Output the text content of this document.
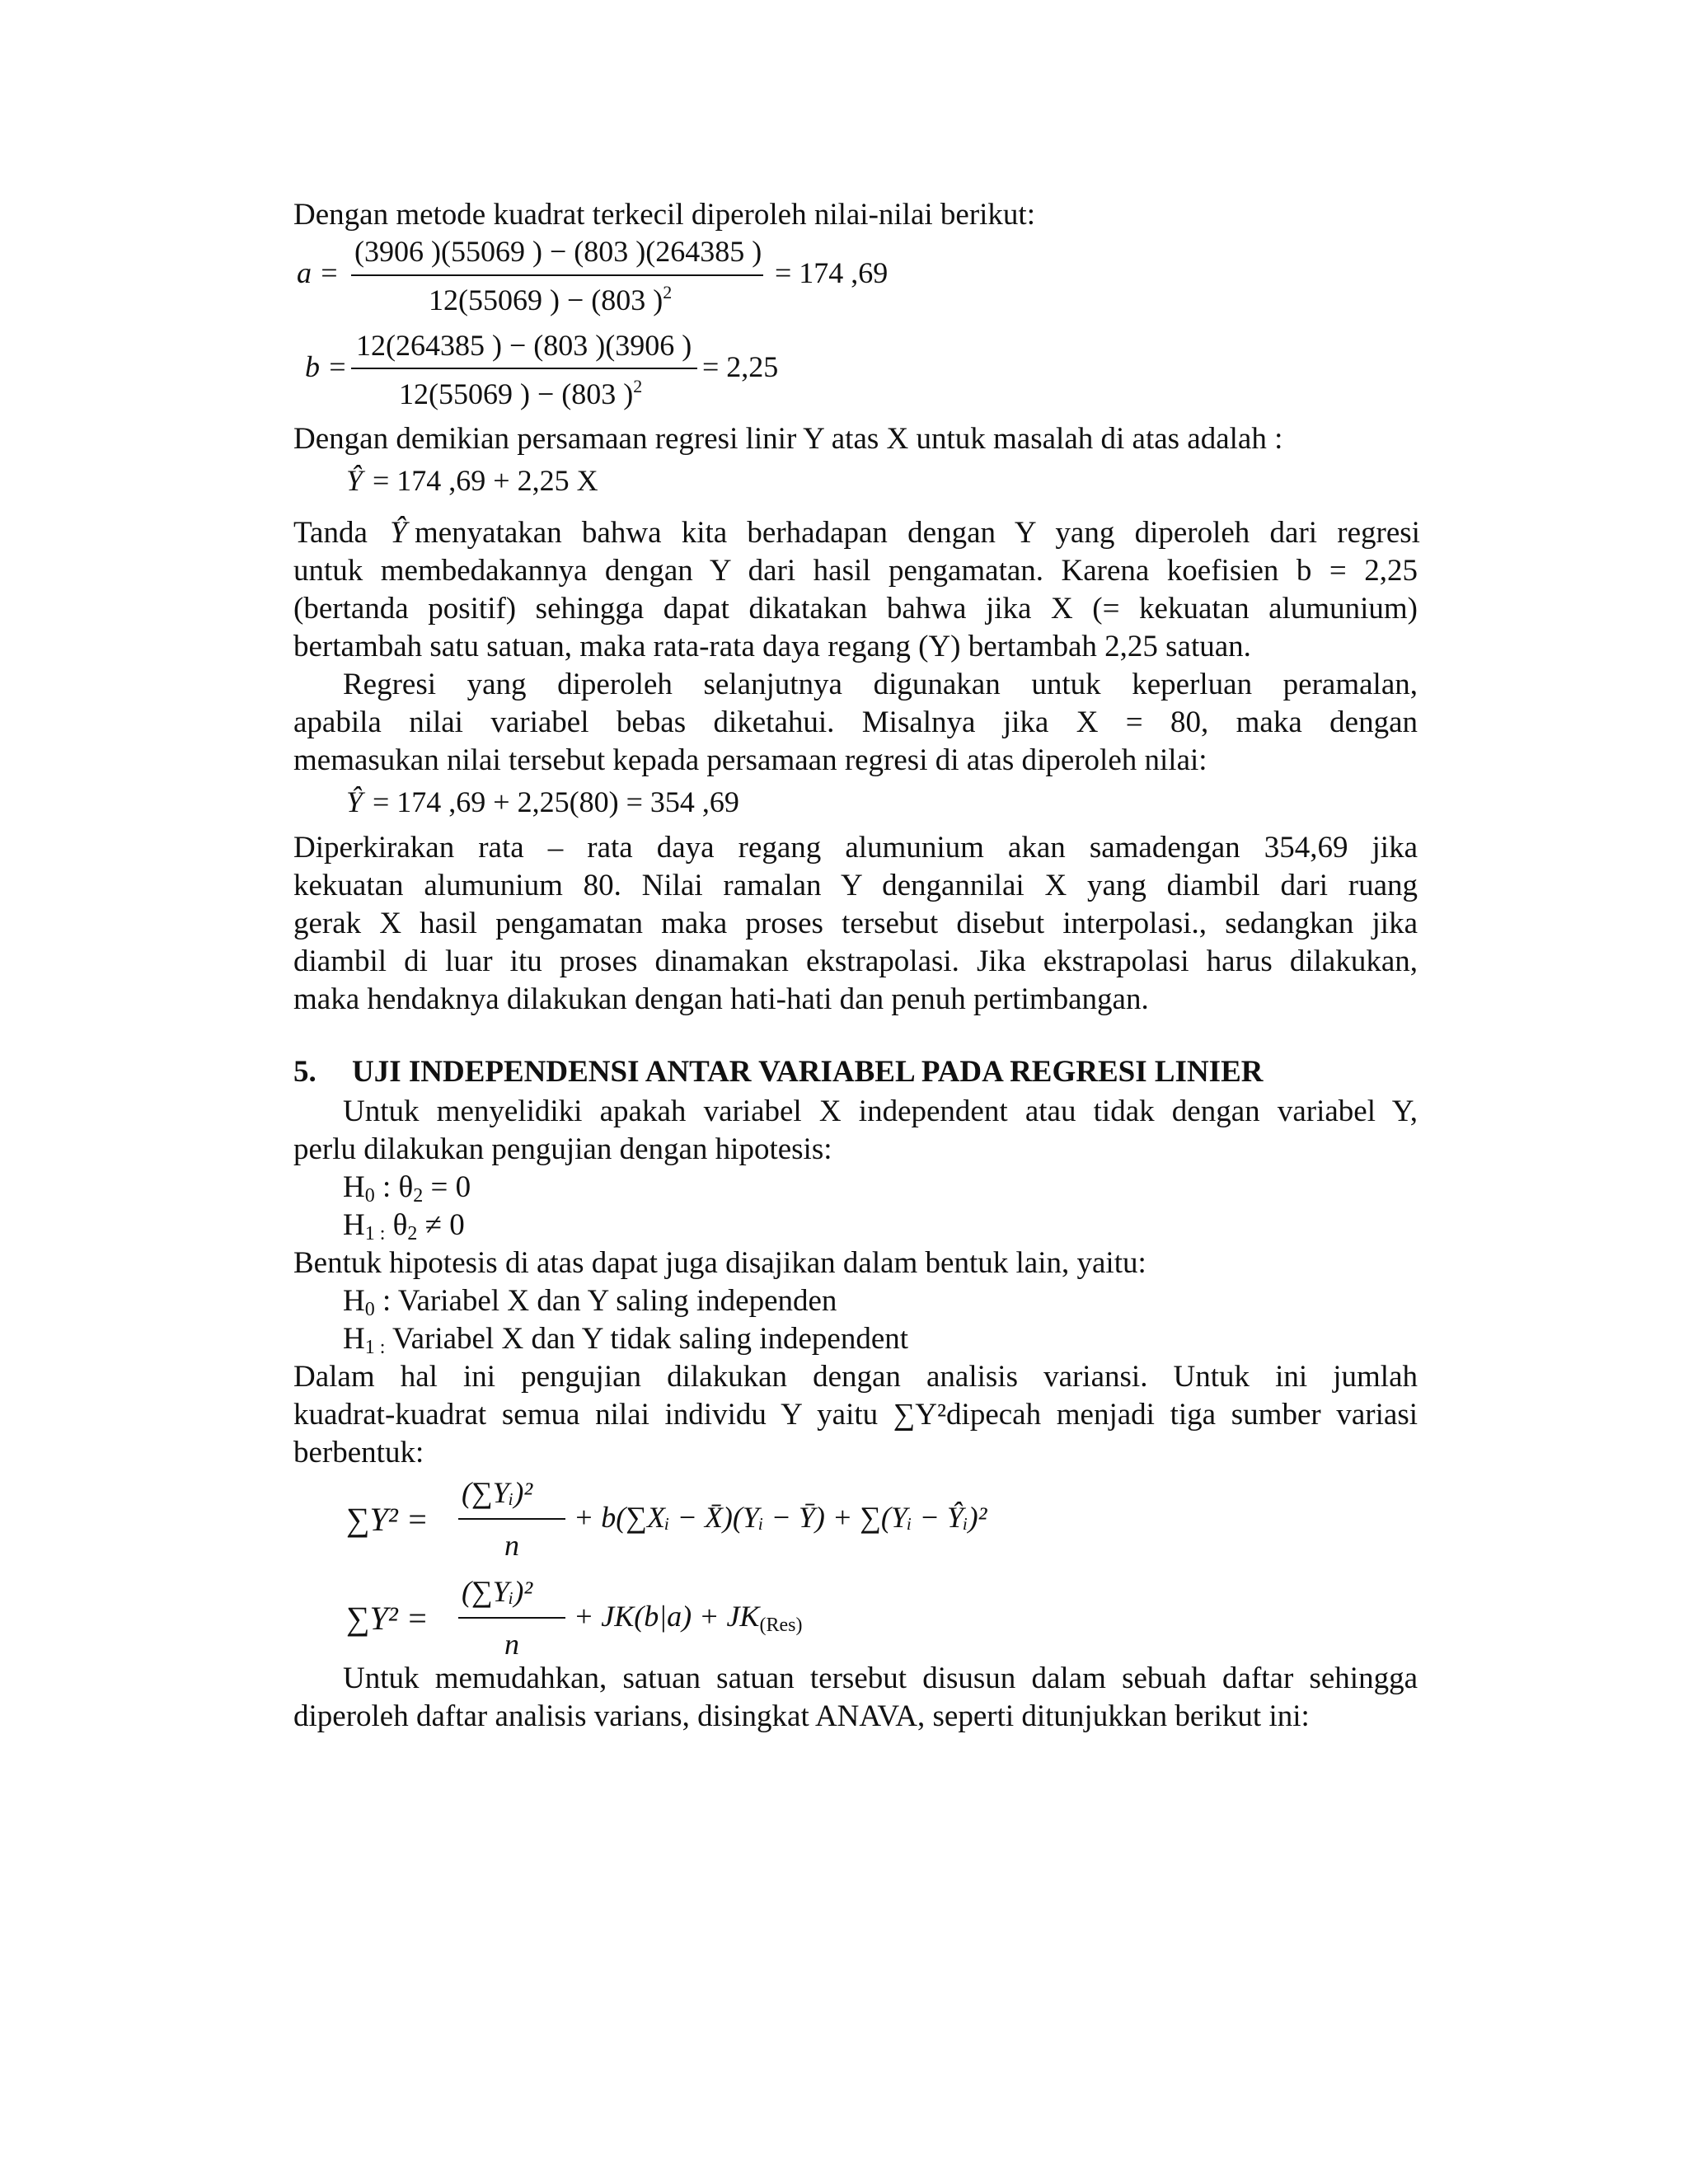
Dengan metode kuadrat terkecil diperoleh nilai-nilai berikut:
a =
(3906 )(55069 ) − (803 )(264385 )
12(55069 ) − (803 )$^2$
= 174 ,69
b =
12(264385 ) − (803 )(3906 )
12(55069 ) − (803 )$^2$
= 2,25
Dengan demikian persamaan regresi linir Y atas X untuk masalah di atas adalah :
Ŷ = 174 ,69 + 2,25 X
Tanda Ŷ menyatakan bahwa kita berhadapan dengan Y yang diperoleh dari regresi
untuk membedakannya dengan Y dari hasil pengamatan. Karena koefisien b = 2,25
(bertanda positif) sehingga dapat dikatakan bahwa jika X (= kekuatan alumunium)
bertambah satu satuan, maka rata-rata daya regang (Y) bertambah 2,25 satuan.
Regresi yang diperoleh selanjutnya digunakan untuk keperluan peramalan,
apabila nilai variabel bebas diketahui. Misalnya jika X = 80, maka dengan
memasukan nilai tersebut kepada persamaan regresi di atas diperoleh nilai:
Ŷ = 174 ,69 + 2,25(80) = 354 ,69
Diperkirakan rata – rata daya regang alumunium akan samadengan 354,69 jika
kekuatan alumunium 80. Nilai ramalan Y dengannilai X yang diambil dari ruang
gerak X hasil pengamatan maka proses tersebut disebut interpolasi., sedangkan jika
diambil di luar itu proses dinamakan ekstrapolasi. Jika ekstrapolasi harus dilakukan,
maka hendaknya dilakukan dengan hati-hati dan penuh pertimbangan.
5. UJI INDEPENDENSI ANTAR VARIABEL PADA REGRESI LINIER
Untuk menyelidiki apakah variabel X independent atau tidak dengan variabel Y,
perlu dilakukan pengujian dengan hipotesis:
$H_0$ : $\theta_2 = 0$
$H_{1 :}$ $\theta_2 \ne 0$
Bentuk hipotesis di atas dapat juga disajikan dalam bentuk lain, yaitu:
$H_0$ : Variabel X dan Y saling independen
$H_{1 :}$ Variabel X dan Y tidak saling independent
Dalam hal ini pengujian dilakukan dengan analisis variansi. Untuk ini jumlah
kuadrat-kuadrat semua nilai individu Y yaitu ∑Y²dipecah menjadi tiga sumber variasi
berbentuk:
∑Y² =
(∑Yᵢ)²
n
+ b(∑Xᵢ − X̄)(Yᵢ − Ȳ) + ∑(Yᵢ − Ŷᵢ)²
∑Y² =
(∑Yᵢ)²
n
+ $JK(b|a) + JK_{(Res)}$
Untuk memudahkan, satuan satuan tersebut disusun dalam sebuah daftar sehingga
diperoleh daftar analisis varians, disingkat ANAVA, seperti ditunjukkan berikut ini:
